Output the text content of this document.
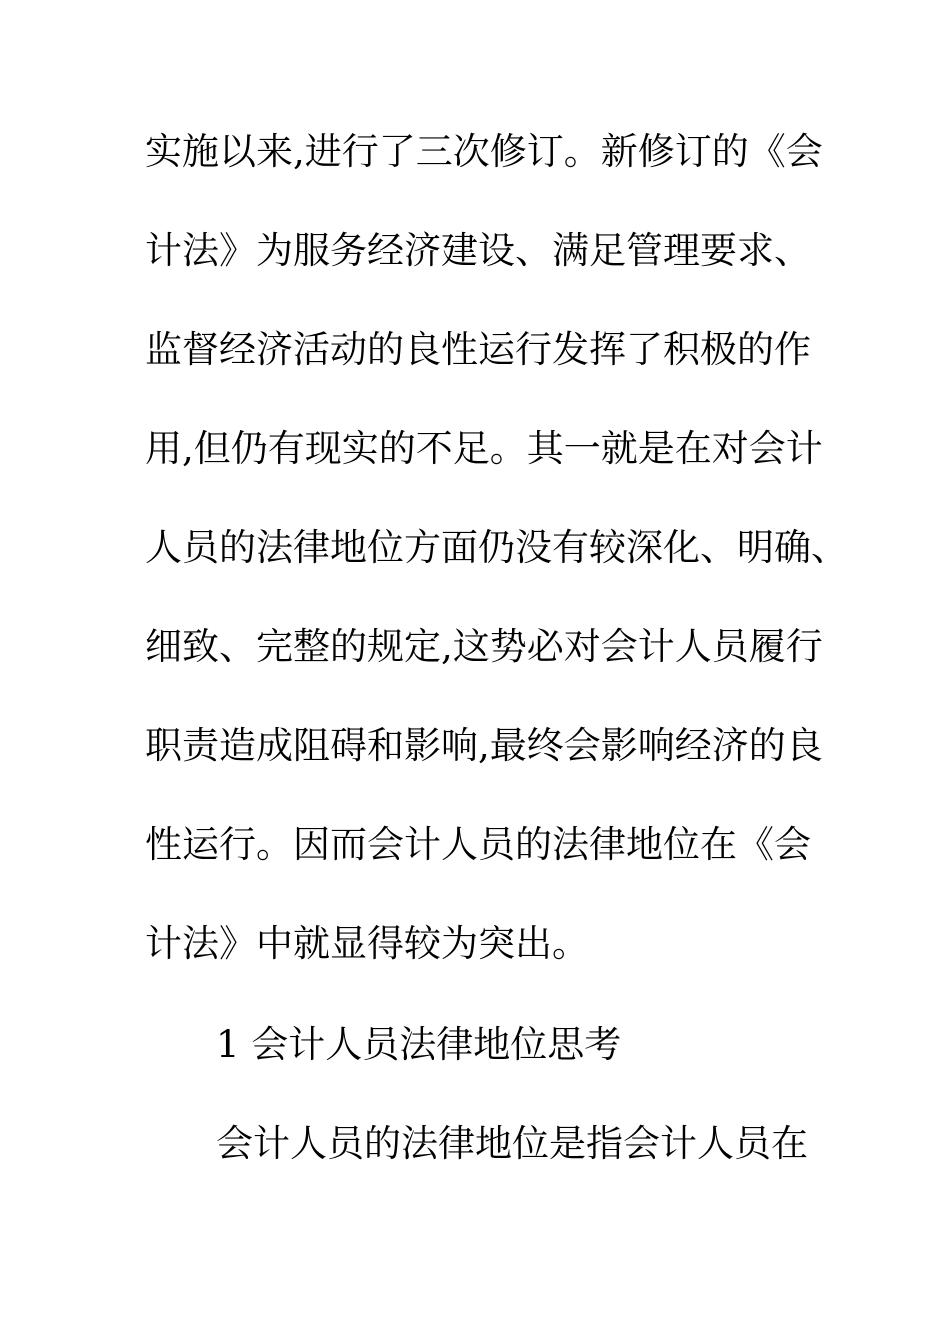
实施以来,进行了三次修订。新修订的《会
计法》为服务经济建设、满足管理要求、
监督经济活动的良性运行发挥了积极的作
用,但仍有现实的不足。其一就是在对会计
人员的法律地位方面仍没有较深化、明确、
细致、完整的规定,这势必对会计人员履行
职责造成阻碍和影响,最终会影响经济的良
性运行。因而会计人员的法律地位在《会
计法》中就显得较为突出。
1 会计人员法律地位思考
会计人员的法律地位是指会计人员在
